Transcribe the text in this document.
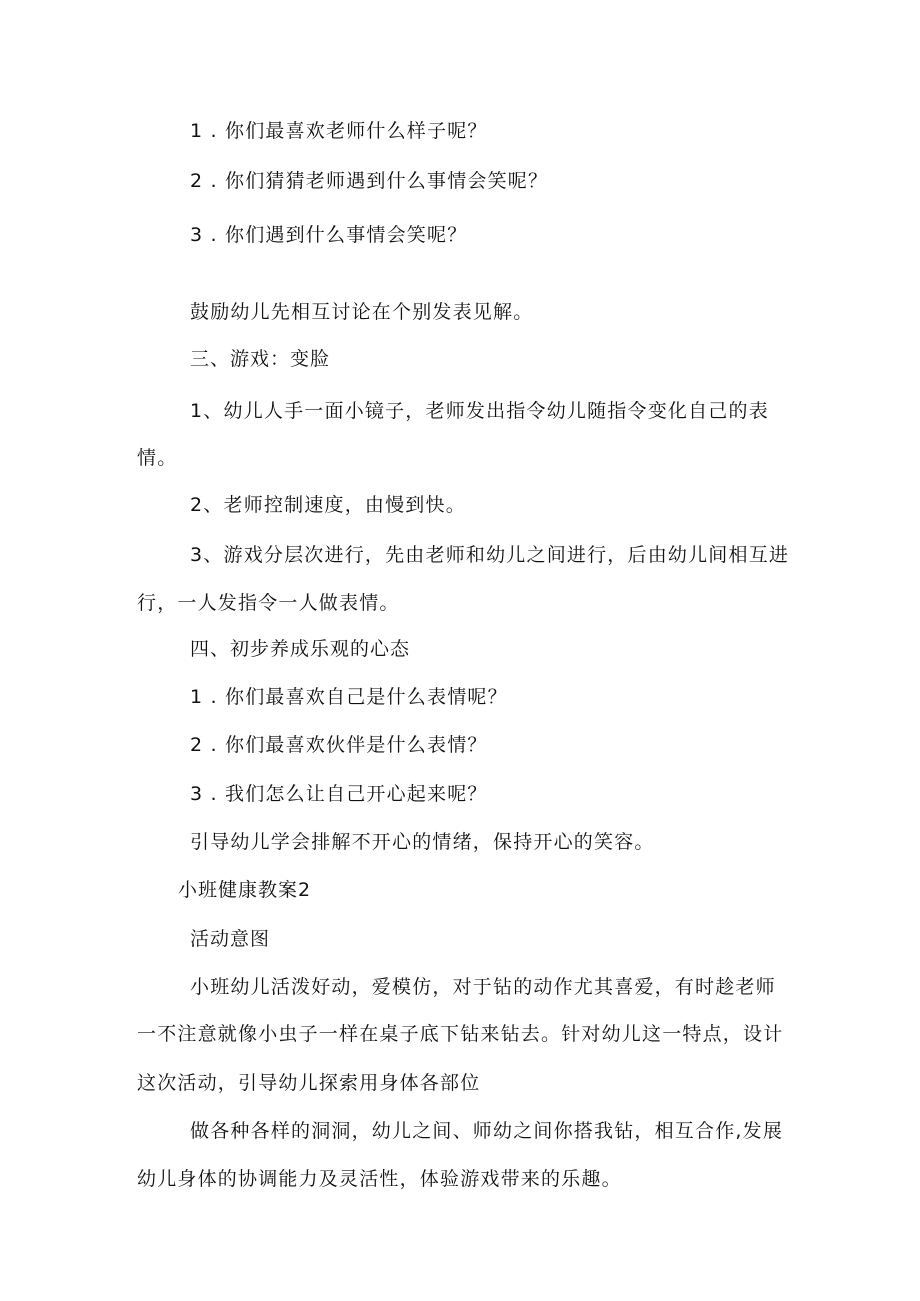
1 . 你们最喜欢老师什么样子呢？
2 . 你们猜猜老师遇到什么事情会笑呢？
3 . 你们遇到什么事情会笑呢？
鼓励幼儿先相互讨论在个别发表见解。
三、游戏：变脸
1、幼儿人手一面小镜子，老师发出指令幼儿随指令变化自己的表
情。
2、老师控制速度，由慢到快。
3、游戏分层次进行，先由老师和幼儿之间进行，后由幼儿间相互进
行，一人发指令一人做表情。
四、初步养成乐观的心态
1 . 你们最喜欢自己是什么表情呢？
2 . 你们最喜欢伙伴是什么表情？
3 . 我们怎么让自己开心起来呢？
引导幼儿学会排解不开心的情绪，保持开心的笑容。
小班健康教案2
活动意图
小班幼儿活泼好动，爱模仿，对于钻的动作尤其喜爱，有时趁老师
一不注意就像小虫子一样在桌子底下钻来钻去。针对幼儿这一特点，设计
这次活动，引导幼儿探索用身体各部位
做各种各样的洞洞，幼儿之间、师幼之间你搭我钻，相互合作,发展
幼儿身体的协调能力及灵活性，体验游戏带来的乐趣。
